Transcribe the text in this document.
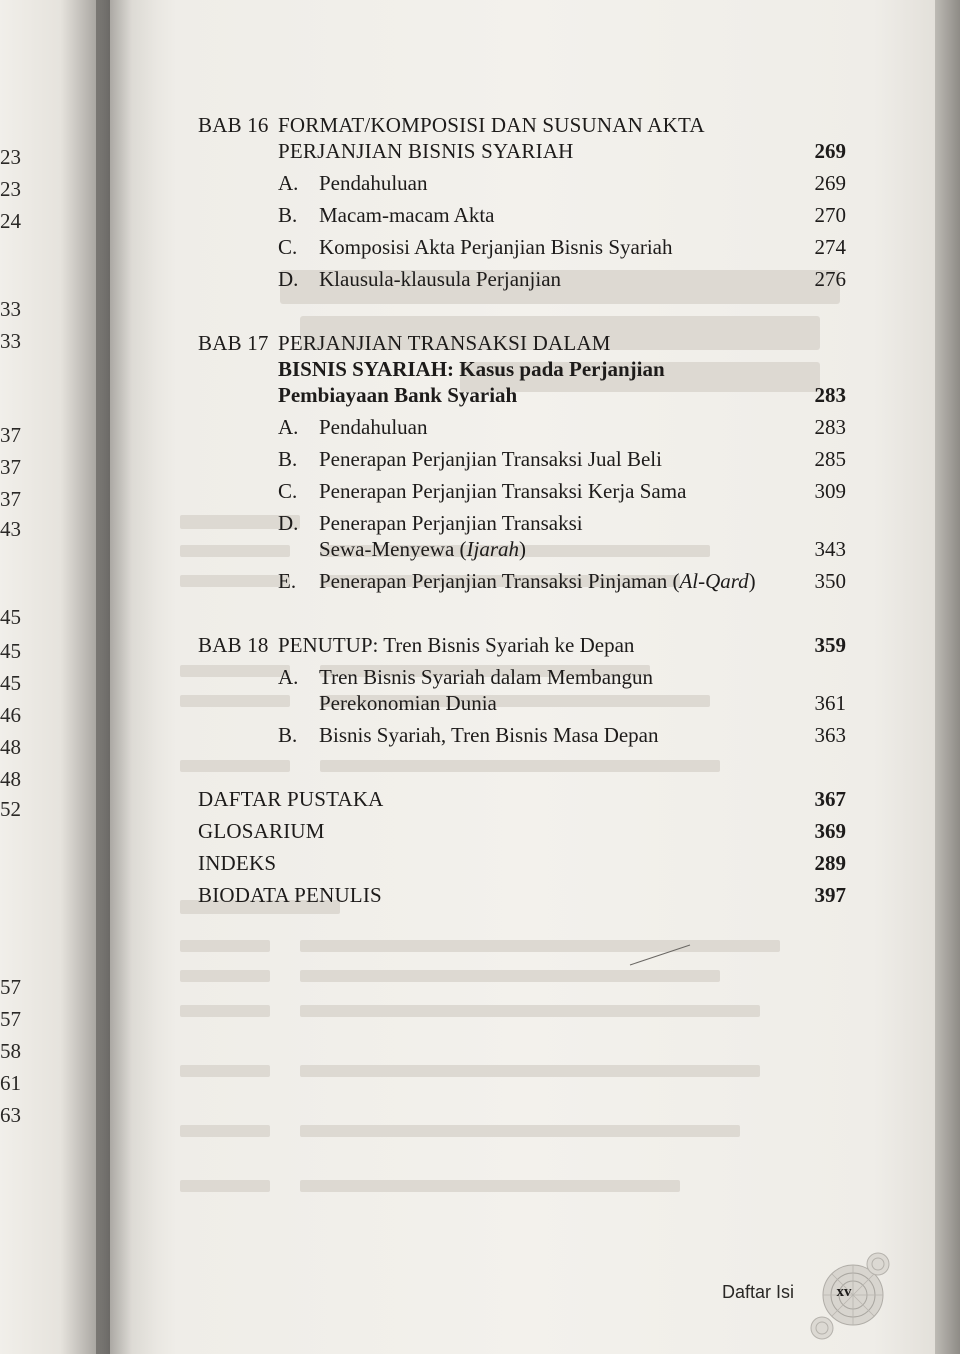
23
23
24
33
33
37
37
37
43
45
45
45
46
48
48
52
57
57
58
61
63
BAB 16 FORMAT/KOMPOSISI DAN SUSUNAN AKTA
PERJANJIAN BISNIS SYARIAH	269
A. Pendahuluan	269
B. Macam-macam Akta	270
C. Komposisi Akta Perjanjian Bisnis Syariah	274
D. Klausula-klausula Perjanjian	276
BAB 17 PERJANJIAN TRANSAKSI DALAM
BISNIS SYARIAH: Kasus pada Perjanjian
Pembiayaan Bank Syariah	283
A. Pendahuluan	283
B. Penerapan Perjanjian Transaksi Jual Beli	285
C. Penerapan Perjanjian Transaksi Kerja Sama	309
D. Penerapan Perjanjian Transaksi
Sewa-Menyewa (Ijarah)	343
E. Penerapan Perjanjian Transaksi Pinjaman (Al-Qard)	350
BAB 18 PENUTUP: Tren Bisnis Syariah ke Depan	359
A. Tren Bisnis Syariah dalam Membangun
Perekonomian Dunia	361
B. Bisnis Syariah, Tren Bisnis Masa Depan	363
DAFTAR PUSTAKA	367
GLOSARIUM	369
INDEKS	289
BIODATA PENULIS	397
Daftar Isi	xv
